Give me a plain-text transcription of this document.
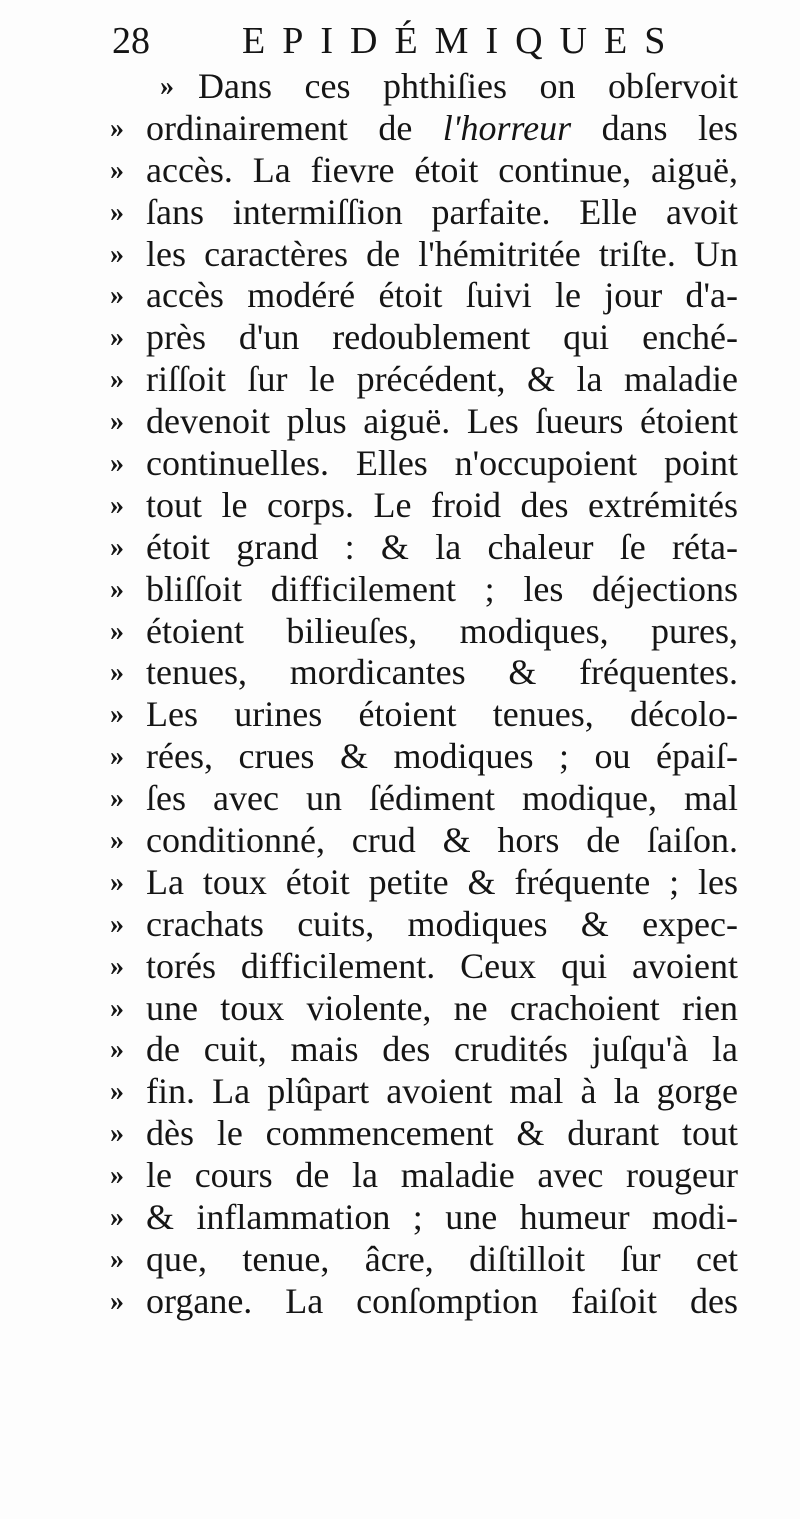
28 EPIDÉMIQUES
» Dans ces phthiſies on obſervoit
» ordinairement de l'horreur dans les
» accès. La fievre étoit continue, aiguë,
» ſans intermiſſion parfaite. Elle avoit
» les caractères de l'hémitritée triſte. Un
» accès modéré étoit ſuivi le jour d'a-
» près d'un redoublement qui enché-
» riſſoit ſur le précédent, & la maladie
» devenoit plus aiguë. Les ſueurs étoient
» continuelles. Elles n'occupoient point
» tout le corps. Le froid des extrémités
» étoit grand : & la chaleur ſe réta-
» bliſſoit difficilement ; les déjections
» étoient bilieuſes, modiques, pures,
» tenues, mordicantes & fréquentes.
» Les urines étoient tenues, décolo-
» rées, crues & modiques ; ou épaiſ-
» ſes avec un ſédiment modique, mal
» conditionné, crud & hors de ſaiſon.
» La toux étoit petite & fréquente ; les
» crachats cuits, modiques & expec-
» torés difficilement. Ceux qui avoient
» une toux violente, ne crachoient rien
» de cuit, mais des crudités juſqu'à la
» fin. La plûpart avoient mal à la gorge
» dès le commencement & durant tout
» le cours de la maladie avec rougeur
» & inflammation ; une humeur modi-
» que, tenue, âcre, diſtilloit ſur cet
» organe. La conſomption faiſoit des
